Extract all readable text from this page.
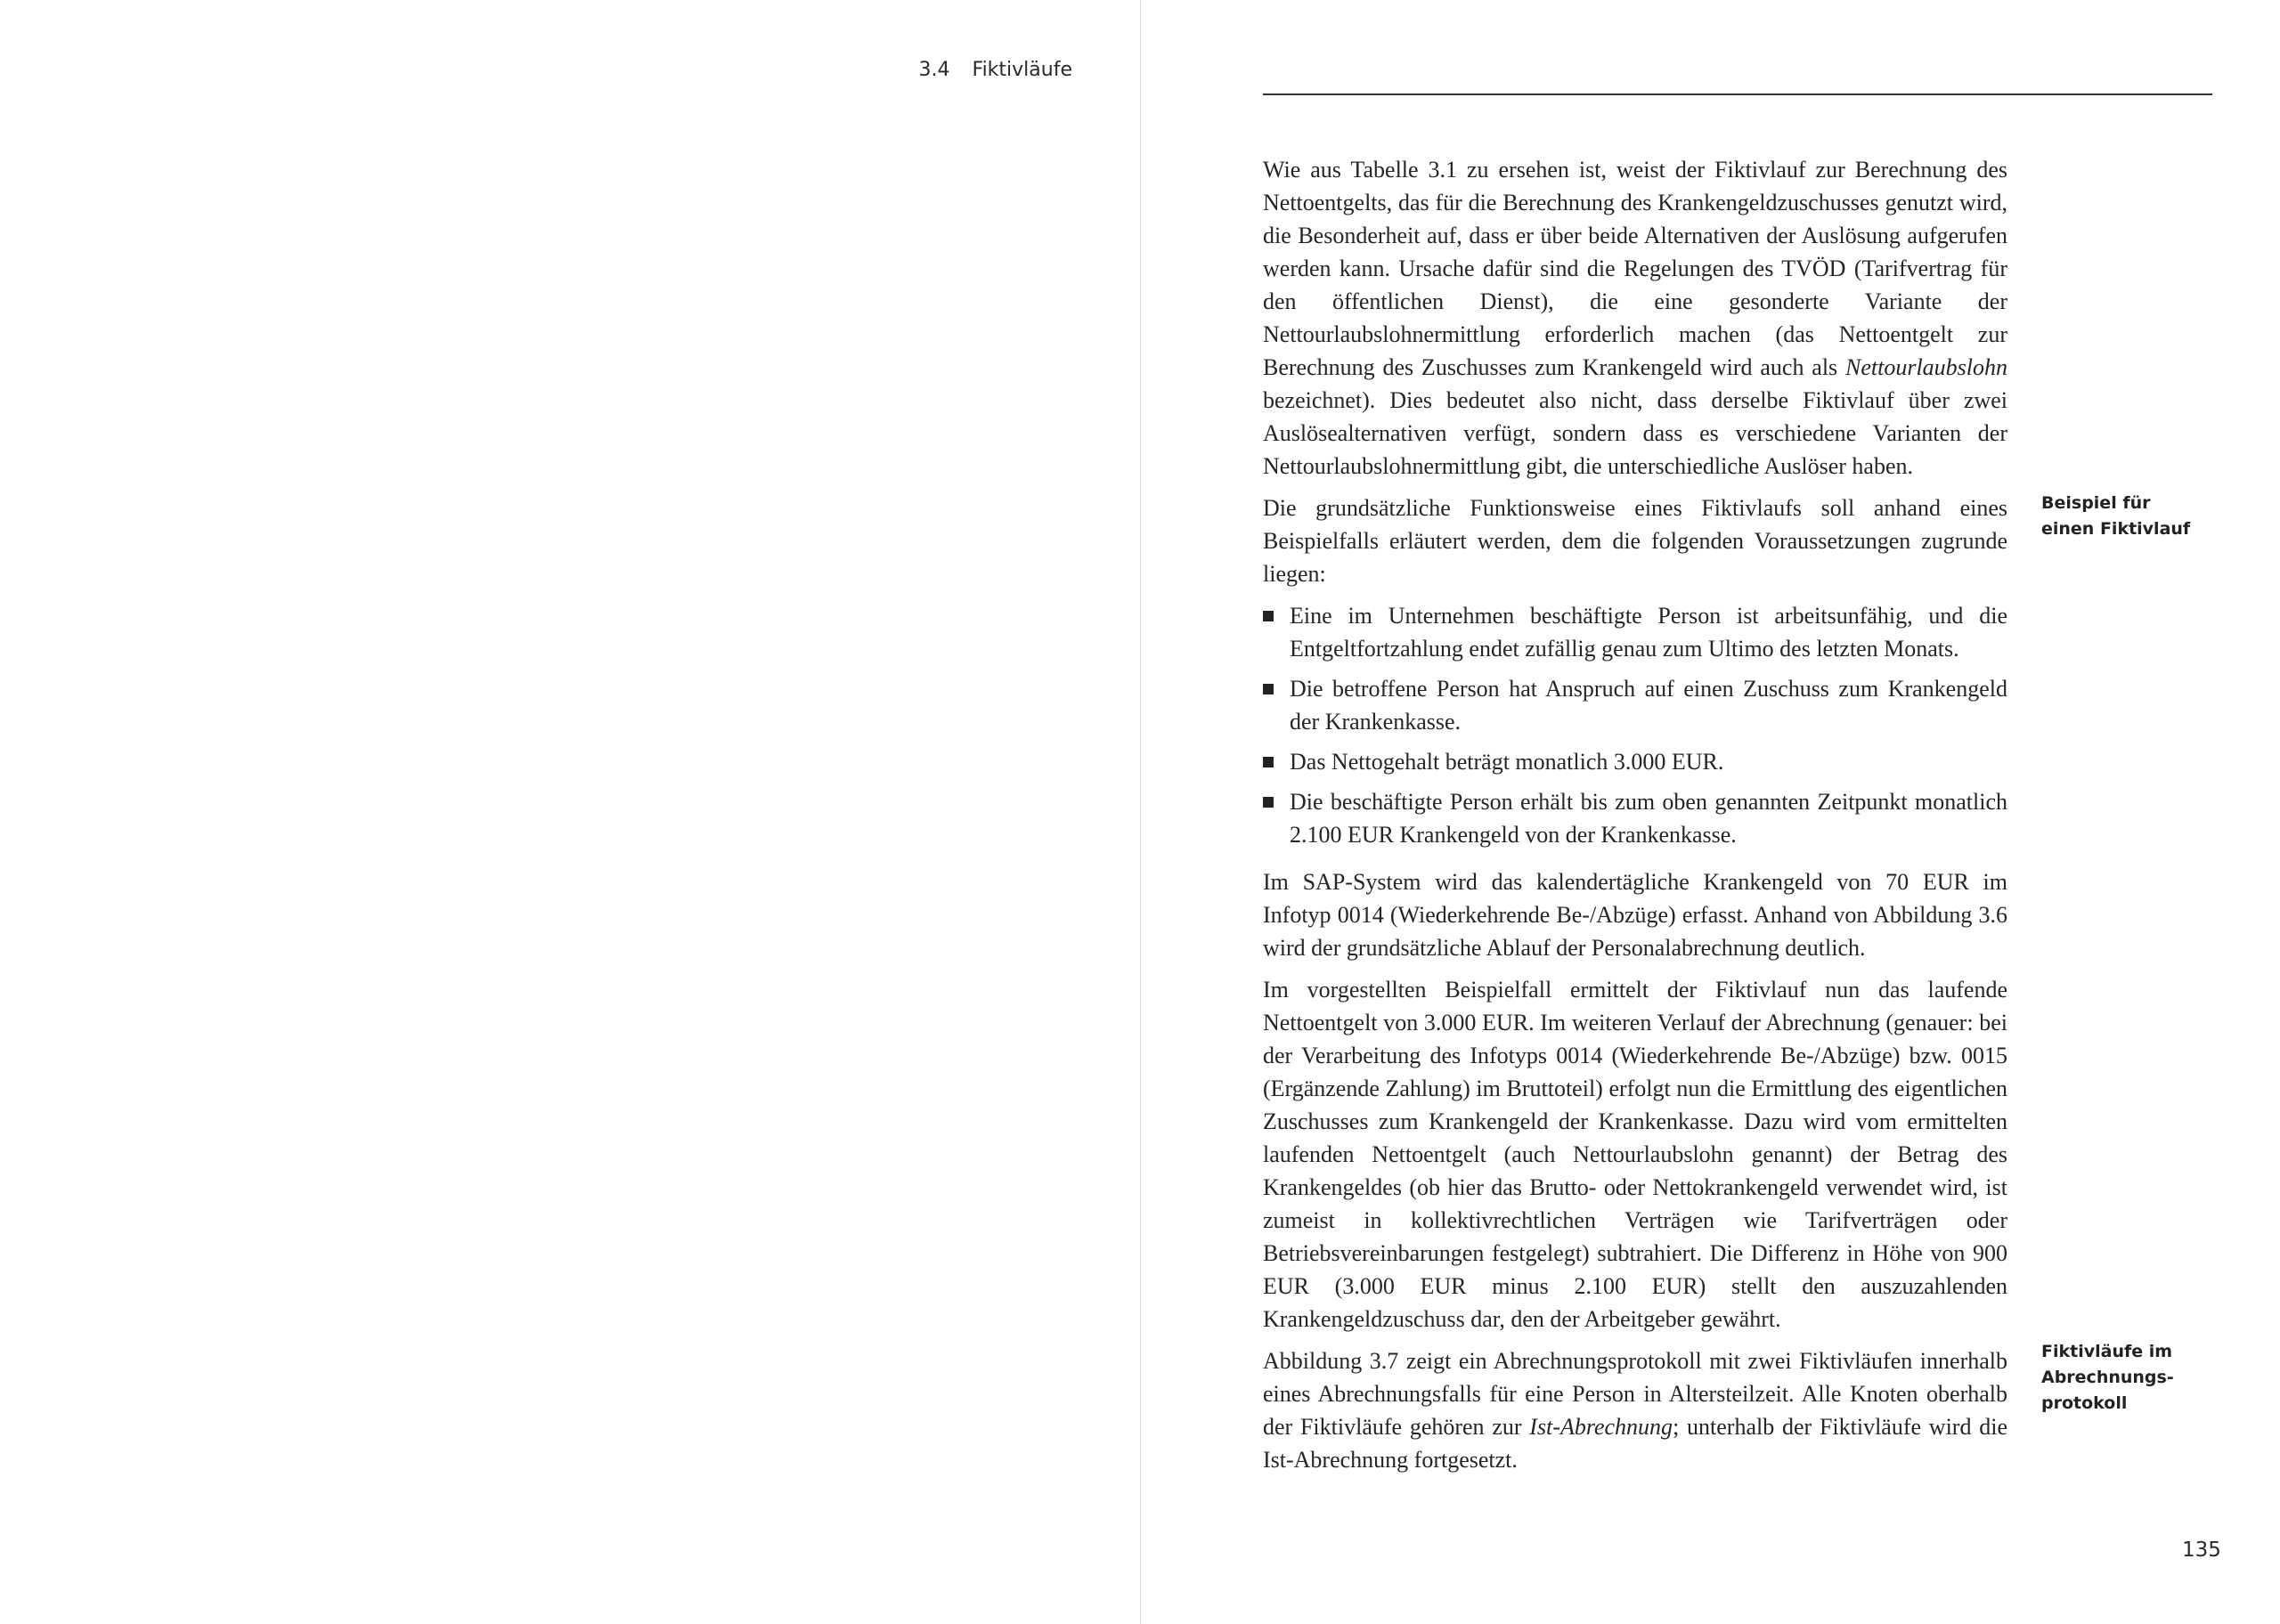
3.4 Fiktivläufe

Wie aus Tabelle 3.1 zu ersehen ist, weist der Fiktivlauf zur Berechnung des Nettoentgelts, das für die Berechnung des Krankengeldzuschusses genutzt wird, die Besonderheit auf, dass er über beide Alternativen der Auslösung aufgerufen werden kann. Ursache dafür sind die Regelungen des TVÖD (Tarifvertrag für den öffentlichen Dienst), die eine gesonderte Variante der Nettourlaubslohnermittlung erforderlich machen (das Nettoentgelt zur Berechnung des Zuschusses zum Krankengeld wird auch als Nettourlaubslohn bezeichnet). Dies bedeutet also nicht, dass derselbe Fiktivlauf über zwei Auslösealternativen verfügt, sondern dass es verschiedene Varianten der Nettourlaubslohnermittlung gibt, die unterschiedliche Auslöser haben.

Die grundsätzliche Funktionsweise eines Fiktivlaufs soll anhand eines Beispielfalls erläutert werden, dem die folgenden Voraussetzungen zugrunde liegen:

Eine im Unternehmen beschäftigte Person ist arbeitsunfähig, und die Entgeltfortzahlung endet zufällig genau zum Ultimo des letzten Monats.
Die betroffene Person hat Anspruch auf einen Zuschuss zum Krankengeld der Krankenkasse.
Das Nettogehalt beträgt monatlich 3.000 EUR.
Die beschäftigte Person erhält bis zum oben genannten Zeitpunkt monatlich 2.100 EUR Krankengeld von der Krankenkasse.

Im SAP-System wird das kalendertägliche Krankengeld von 70 EUR im Infotyp 0014 (Wiederkehrende Be-/Abzüge) erfasst. Anhand von Abbildung 3.6 wird der grundsätzliche Ablauf der Personalabrechnung deutlich.

Im vorgestellten Beispielfall ermittelt der Fiktivlauf nun das laufende Nettoentgelt von 3.000 EUR. Im weiteren Verlauf der Abrechnung (genauer: bei der Verarbeitung des Infotyps 0014 (Wiederkehrende Be-/Abzüge) bzw. 0015 (Ergänzende Zahlung) im Bruttoteil) erfolgt nun die Ermittlung des eigentlichen Zuschusses zum Krankengeld der Krankenkasse. Dazu wird vom ermittelten laufenden Nettoentgelt (auch Nettourlaubslohn genannt) der Betrag des Krankengeldes (ob hier das Brutto- oder Nettokrankengeld verwendet wird, ist zumeist in kollektivrechtlichen Verträgen wie Tarifverträgen oder Betriebsvereinbarungen festgelegt) subtrahiert. Die Differenz in Höhe von 900 EUR (3.000 EUR minus 2.100 EUR) stellt den auszuzahlenden Krankengeldzuschuss dar, den der Arbeitgeber gewährt.

Abbildung 3.7 zeigt ein Abrechnungsprotokoll mit zwei Fiktivläufen innerhalb eines Abrechnungsfalls für eine Person in Altersteilzeit. Alle Knoten oberhalb der Fiktivläufe gehören zur Ist-Abrechnung; unterhalb der Fiktivläufe wird die Ist-Abrechnung fortgesetzt.

Beispiel für einen Fiktivlauf
Fiktivläufe im Abrechnungs-protokoll
135
